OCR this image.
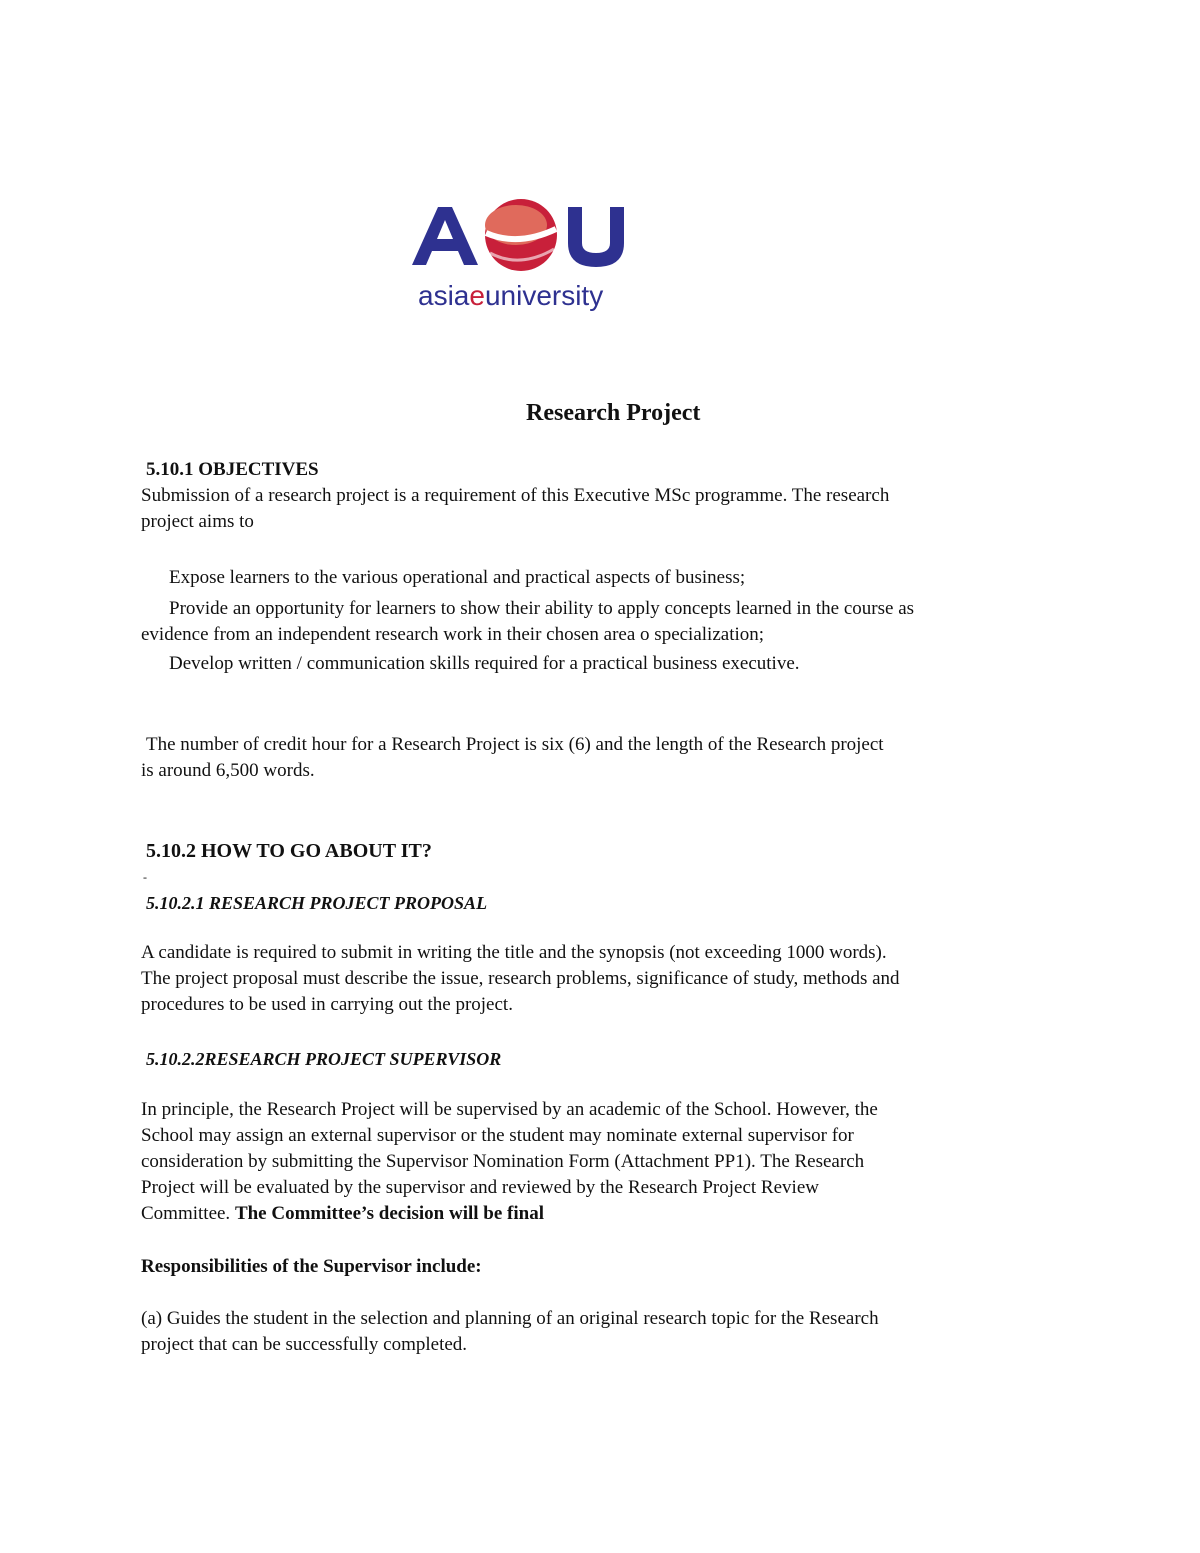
asiaeuniversity
Research Project
5.10.1 OBJECTIVES
Submission of a research project is a requirement of this Executive MSc programme. The research
project aims to
Expose learners to the various operational and practical aspects of business;
Provide an opportunity for learners to show their ability to apply concepts learned in the course as
evidence from an independent research work in their chosen area o specialization;
Develop written / communication skills required for a practical business executive.
The number of credit hour for a Research Project is six (6) and the length of the Research project
is around 6,500 words.
5.10.2 HOW TO GO ABOUT IT?
-
5.10.2.1 RESEARCH PROJECT PROPOSAL
A candidate is required to submit in writing the title and the synopsis (not exceeding 1000 words).
The project proposal must describe the issue, research problems, significance of study, methods and
procedures to be used in carrying out the project.
5.10.2.2RESEARCH PROJECT SUPERVISOR
In principle, the Research Project will be supervised by an academic of the School. However, the
School may assign an external supervisor or the student may nominate external supervisor for
consideration by submitting the Supervisor Nomination Form (Attachment PP1). The Research
Project will be evaluated by the supervisor and reviewed by the Research Project Review
Committee. The Committee’s decision will be final
Responsibilities of the Supervisor include:
(a) Guides the student in the selection and planning of an original research topic for the Research
project that can be successfully completed.
